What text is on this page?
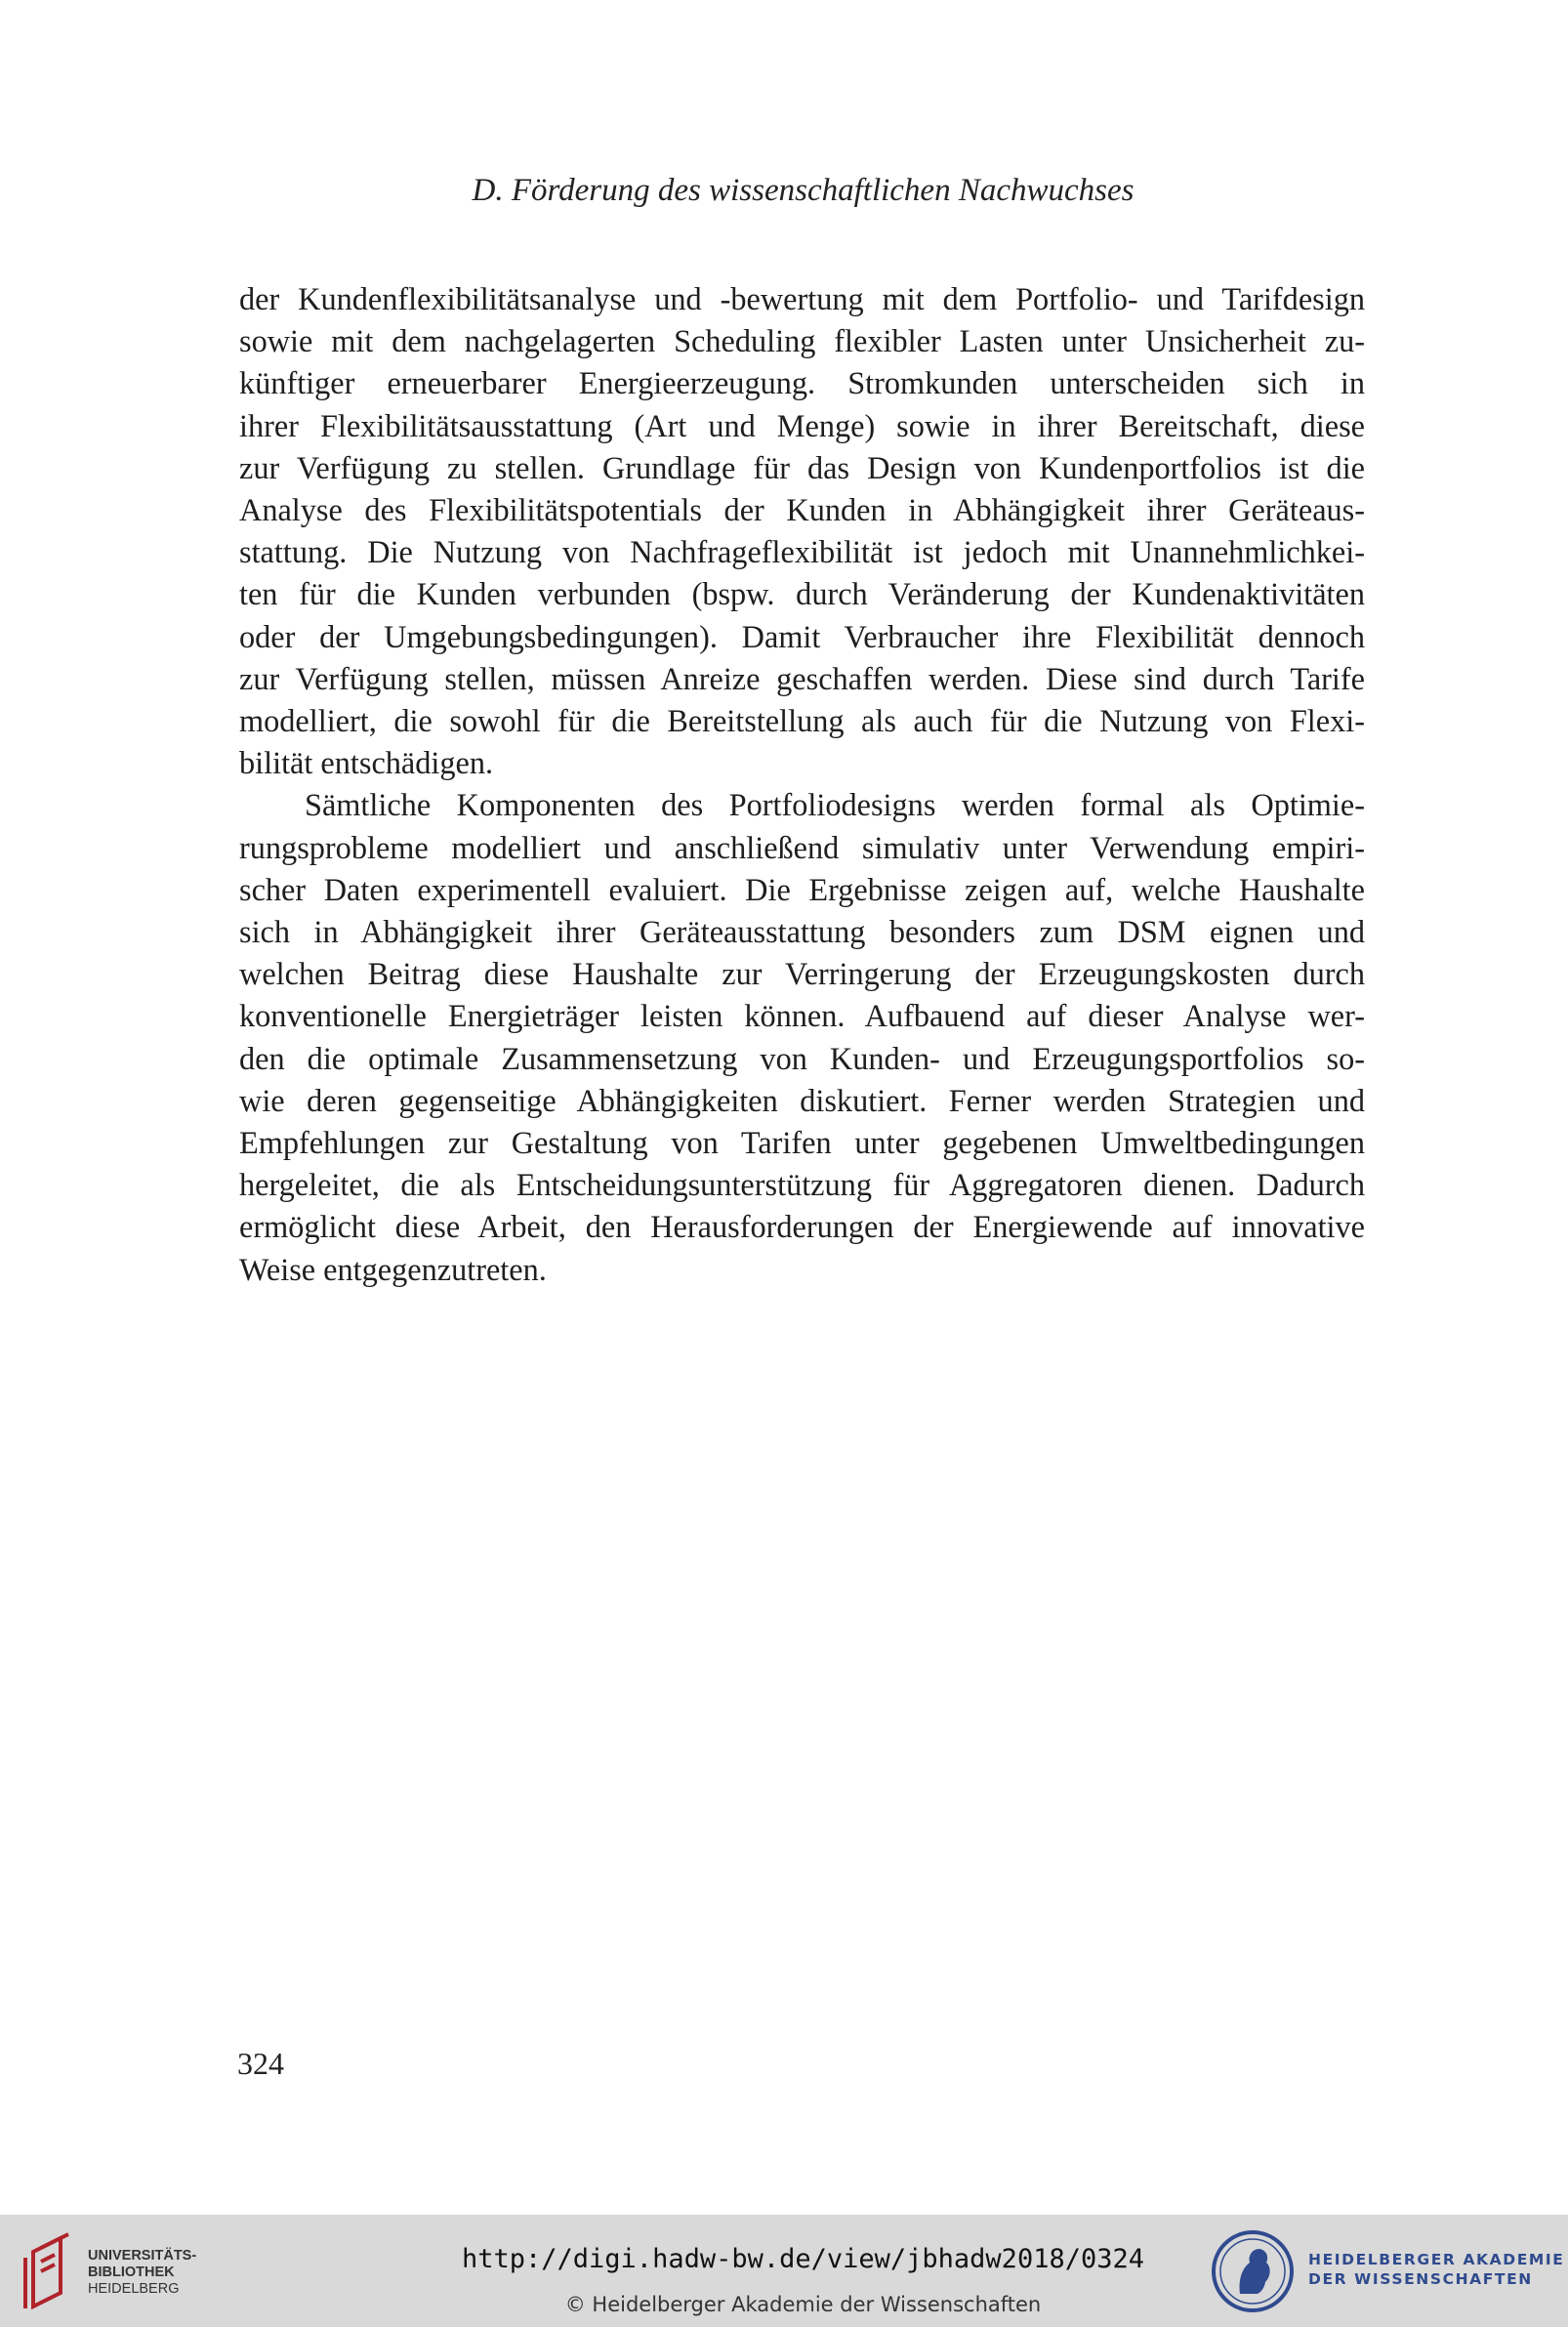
D. Förderung des wissenschaftlichen Nachwuchses
der Kundenflexibilitätsanalyse und -bewertung mit dem Portfolio- und Tarifdesign
sowie mit dem nachgelagerten Scheduling flexibler Lasten unter Unsicherheit zu-
künftiger erneuerbarer Energieerzeugung. Stromkunden unterscheiden sich in
ihrer Flexibilitätsausstattung (Art und Menge) sowie in ihrer Bereitschaft, diese
zur Verfügung zu stellen. Grundlage für das Design von Kundenportfolios ist die
Analyse des Flexibilitätspotentials der Kunden in Abhängigkeit ihrer Geräteaus-
stattung. Die Nutzung von Nachfrageflexibilität ist jedoch mit Unannehmlichkei-
ten für die Kunden verbunden (bspw. durch Veränderung der Kundenaktivitäten
oder der Umgebungsbedingungen). Damit Verbraucher ihre Flexibilität dennoch
zur Verfügung stellen, müssen Anreize geschaffen werden. Diese sind durch Tarife
modelliert, die sowohl für die Bereitstellung als auch für die Nutzung von Flexi-
bilität entschädigen.
Sämtliche Komponenten des Portfoliodesigns werden formal als Optimie-
rungsprobleme modelliert und anschließend simulativ unter Verwendung empiri-
scher Daten experimentell evaluiert. Die Ergebnisse zeigen auf, welche Haushalte
sich in Abhängigkeit ihrer Geräteausstattung besonders zum DSM eignen und
welchen Beitrag diese Haushalte zur Verringerung der Erzeugungskosten durch
konventionelle Energieträger leisten können. Aufbauend auf dieser Analyse wer-
den die optimale Zusammensetzung von Kunden- und Erzeugungsportfolios so-
wie deren gegenseitige Abhängigkeiten diskutiert. Ferner werden Strategien und
Empfehlungen zur Gestaltung von Tarifen unter gegebenen Umweltbedingungen
hergeleitet, die als Entscheidungsunterstützung für Aggregatoren dienen. Dadurch
ermöglicht diese Arbeit, den Herausforderungen der Energiewende auf innovative
Weise entgegenzutreten.
324
UNIVERSITÄTS-
BIBLIOTHEK
HEIDELBERG
http://digi.hadw-bw.de/view/jbhadw2018/0324
© Heidelberger Akademie der Wissenschaften
HEIDELBERGER AKADEMIE
DER WISSENSCHAFTEN
